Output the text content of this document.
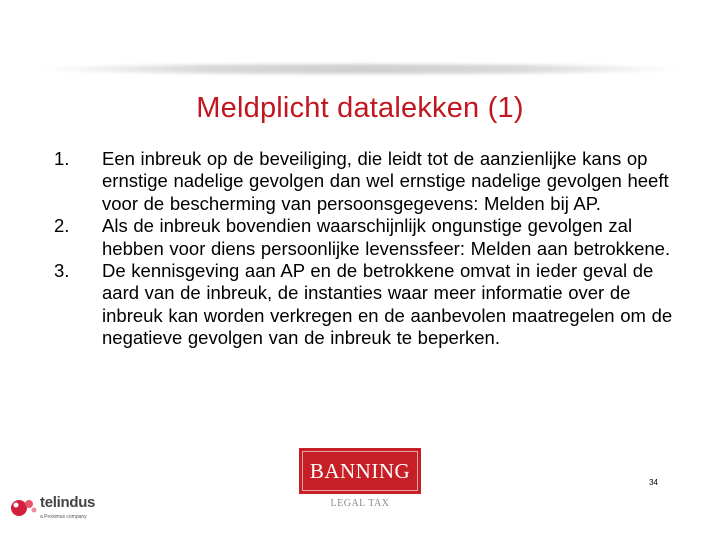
Meldplicht datalekken (1)
1.	Een inbreuk op de beveiliging, die leidt tot de aanzienlijke kans op ernstige nadelige gevolgen dan wel ernstige nadelige gevolgen heeft voor de bescherming van persoonsgegevens: Melden bij AP.
2.	Als de inbreuk bovendien waarschijnlijk ongunstige gevolgen zal hebben voor diens persoonlijke levenssfeer: Melden aan betrokkene.
3.	De kennisgeving aan AP en de betrokkene omvat in ieder geval de aard van de inbreuk, de instanties waar meer informatie over de inbreuk kan worden verkregen en de aanbevolen maatregelen om de negatieve gevolgen van de inbreuk te beperken.
BANNING
LEGAL TAX
34
telindus
a Proximus company
